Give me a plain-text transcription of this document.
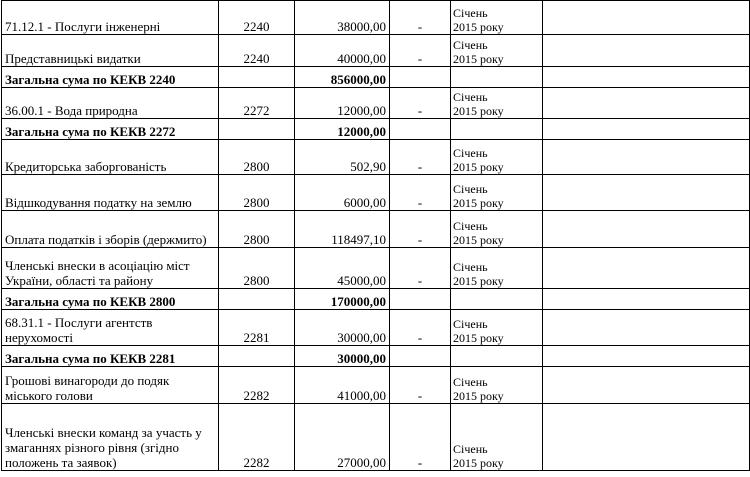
71.12.1 - Послуги інженерні	2240	38000,00	-	Січень
2015 року	
Представницькі видатки	2240	40000,00	-	Січень
2015 року	
Загальна сума по КЕКВ 2240		856000,00			
36.00.1 - Вода природна	2272	12000,00	-	Січень
2015 року	
Загальна сума по КЕКВ 2272		12000,00			
Кредиторська заборгованість	2800	502,90	-	Січень
2015 року	
Відшкодування податку на землю	2800	6000,00	-	Січень
2015 року	
Оплата податків і зборів (держмито)	2800	118497,10	-	Січень
2015 року	
Членські внески в асоціацію міст України, області та району	2800	45000,00	-	Січень
2015 року	
Загальна сума по КЕКВ 2800		170000,00			
68.31.1 - Послуги агентств нерухомості	2281	30000,00	-	Січень
2015 року	
Загальна сума по КЕКВ 2281		30000,00			
Грошові винагороди до подяк міського голови	2282	41000,00	-	Січень
2015 року	
Членські внески команд за участь у змаганнях різного рівня (згідно положень та заявок)	2282	27000,00	-	Січень
2015 року	
